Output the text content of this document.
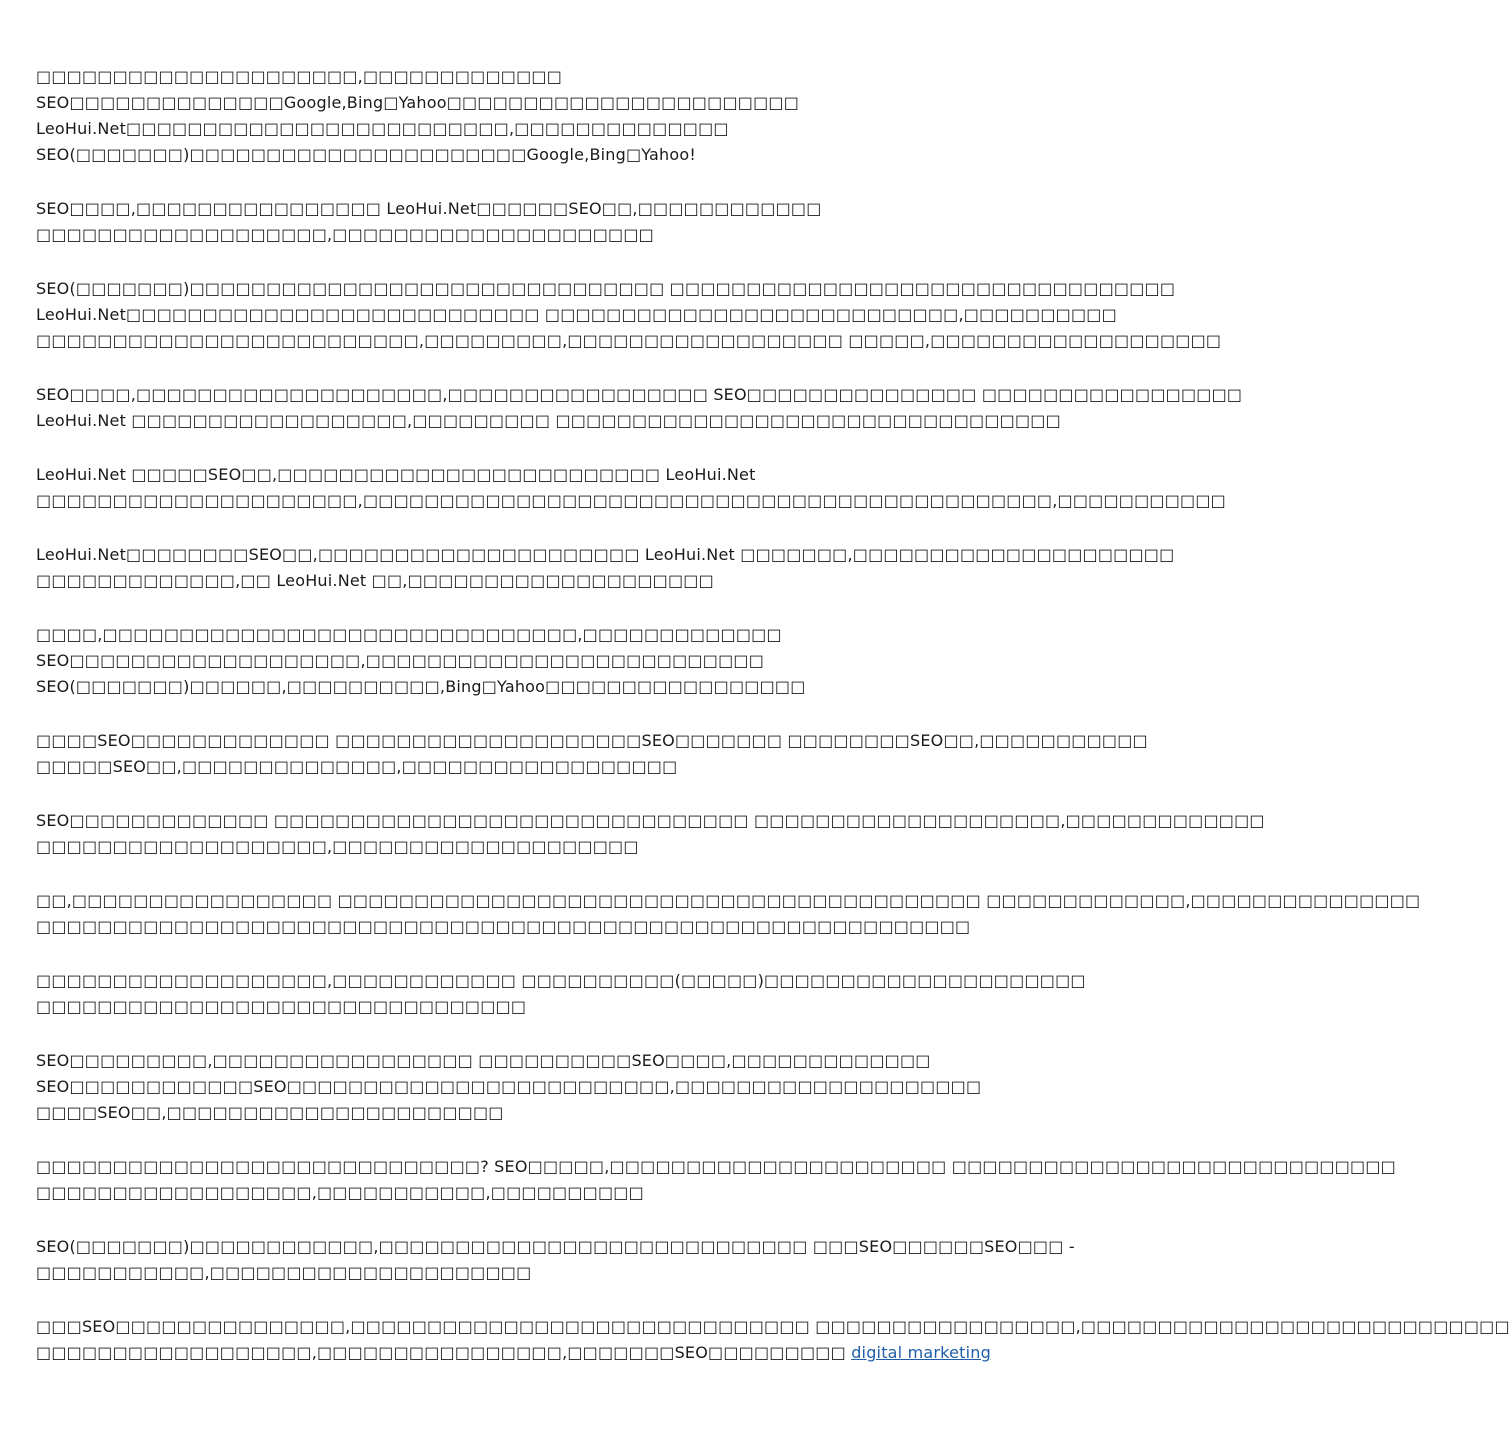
□□□□□□□□□□□□□□□□□□□□□,□□□□□□□□□□□□□
SEO□□□□□□□□□□□□□□Google,Bing□Yahoo□□□□□□□□□□□□□□□□□□□□□□□
LeoHui.Net□□□□□□□□□□□□□□□□□□□□□□□□□,□□□□□□□□□□□□□□
SEO(□□□□□□□)□□□□□□□□□□□□□□□□□□□□□□Google,Bing□Yahoo!

SEO□□□□,□□□□□□□□□□□□□□□□ LeoHui.Net□□□□□□SEO□□,□□□□□□□□□□□□
□□□□□□□□□□□□□□□□□□□,□□□□□□□□□□□□□□□□□□□□□

SEO(□□□□□□□)□□□□□□□□□□□□□□□□□□□□□□□□□□□□□□□ □□□□□□□□□□□□□□□□□□□□□□□□□□□□□□□□□
LeoHui.Net□□□□□□□□□□□□□□□□□□□□□□□□□□□ □□□□□□□□□□□□□□□□□□□□□□□□□□□,□□□□□□□□□□
□□□□□□□□□□□□□□□□□□□□□□□□□,□□□□□□□□□,□□□□□□□□□□□□□□□□□□ □□□□□,□□□□□□□□□□□□□□□□□□□

SEO□□□□,□□□□□□□□□□□□□□□□□□□□,□□□□□□□□□□□□□□□□□ SEO□□□□□□□□□□□□□□□ □□□□□□□□□□□□□□□□□
LeoHui.Net □□□□□□□□□□□□□□□□□□,□□□□□□□□□ □□□□□□□□□□□□□□□□□□□□□□□□□□□□□□□□□

LeoHui.Net □□□□□SEO□□,□□□□□□□□□□□□□□□□□□□□□□□□□ LeoHui.Net
□□□□□□□□□□□□□□□□□□□□□,□□□□□□□□□□□□□□□□□□□□□□□□□□□□□□□□□□□□□□□□□□□□□,□□□□□□□□□□□

LeoHui.Net□□□□□□□□SEO□□,□□□□□□□□□□□□□□□□□□□□□ LeoHui.Net □□□□□□□,□□□□□□□□□□□□□□□□□□□□□
□□□□□□□□□□□□□,□□ LeoHui.Net □□,□□□□□□□□□□□□□□□□□□□□

□□□□,□□□□□□□□□□□□□□□□□□□□□□□□□□□□□□□,□□□□□□□□□□□□□
SEO□□□□□□□□□□□□□□□□□□□,□□□□□□□□□□□□□□□□□□□□□□□□□□
SEO(□□□□□□□)□□□□□□,□□□□□□□□□□,Bing□Yahoo□□□□□□□□□□□□□□□□□

□□□□SEO□□□□□□□□□□□□□ □□□□□□□□□□□□□□□□□□□□SEO□□□□□□□ □□□□□□□□SEO□□,□□□□□□□□□□□
□□□□□SEO□□,□□□□□□□□□□□□□□,□□□□□□□□□□□□□□□□□□

SEO□□□□□□□□□□□□□ □□□□□□□□□□□□□□□□□□□□□□□□□□□□□□□ □□□□□□□□□□□□□□□□□□□□,□□□□□□□□□□□□□
□□□□□□□□□□□□□□□□□□□,□□□□□□□□□□□□□□□□□□□□

□□,□□□□□□□□□□□□□□□□□ □□□□□□□□□□□□□□□□□□□□□□□□□□□□□□□□□□□□□□□□□□ □□□□□□□□□□□□□,□□□□□□□□□□□□□□□
□□□□□□□□□□□□□□□□□□□□□□□□□□□□□□□□□□□□□□□□□□□□□□□□□□□□□□□□□□□□□

□□□□□□□□□□□□□□□□□□□,□□□□□□□□□□□□ □□□□□□□□□□(□□□□□)□□□□□□□□□□□□□□□□□□□□□
□□□□□□□□□□□□□□□□□□□□□□□□□□□□□□□□

SEO□□□□□□□□□,□□□□□□□□□□□□□□□□□ □□□□□□□□□□SEO□□□□,□□□□□□□□□□□□□
SEO□□□□□□□□□□□□SEO□□□□□□□□□□□□□□□□□□□□□□□□□,□□□□□□□□□□□□□□□□□□□□
□□□□SEO□□,□□□□□□□□□□□□□□□□□□□□□□

□□□□□□□□□□□□□□□□□□□□□□□□□□□□□? SEO□□□□□,□□□□□□□□□□□□□□□□□□□□□□ □□□□□□□□□□□□□□□□□□□□□□□□□□□□□
□□□□□□□□□□□□□□□□□□,□□□□□□□□□□□,□□□□□□□□□□

SEO(□□□□□□□)□□□□□□□□□□□□,□□□□□□□□□□□□□□□□□□□□□□□□□□□□ □□□SEO□□□□□□SEO□□□ -
□□□□□□□□□□□,□□□□□□□□□□□□□□□□□□□□□

□□□SEO□□□□□□□□□□□□□□□,□□□□□□□□□□□□□□□□□□□□□□□□□□□□□□ □□□□□□□□□□□□□□□□□,□□□□□□□□□□□□□□□□□□□□□□□□□□□□
□□□□□□□□□□□□□□□□□□,□□□□□□□□□□□□□□□□,□□□□□□□SEO□□□□□□□□□ digital marketing
